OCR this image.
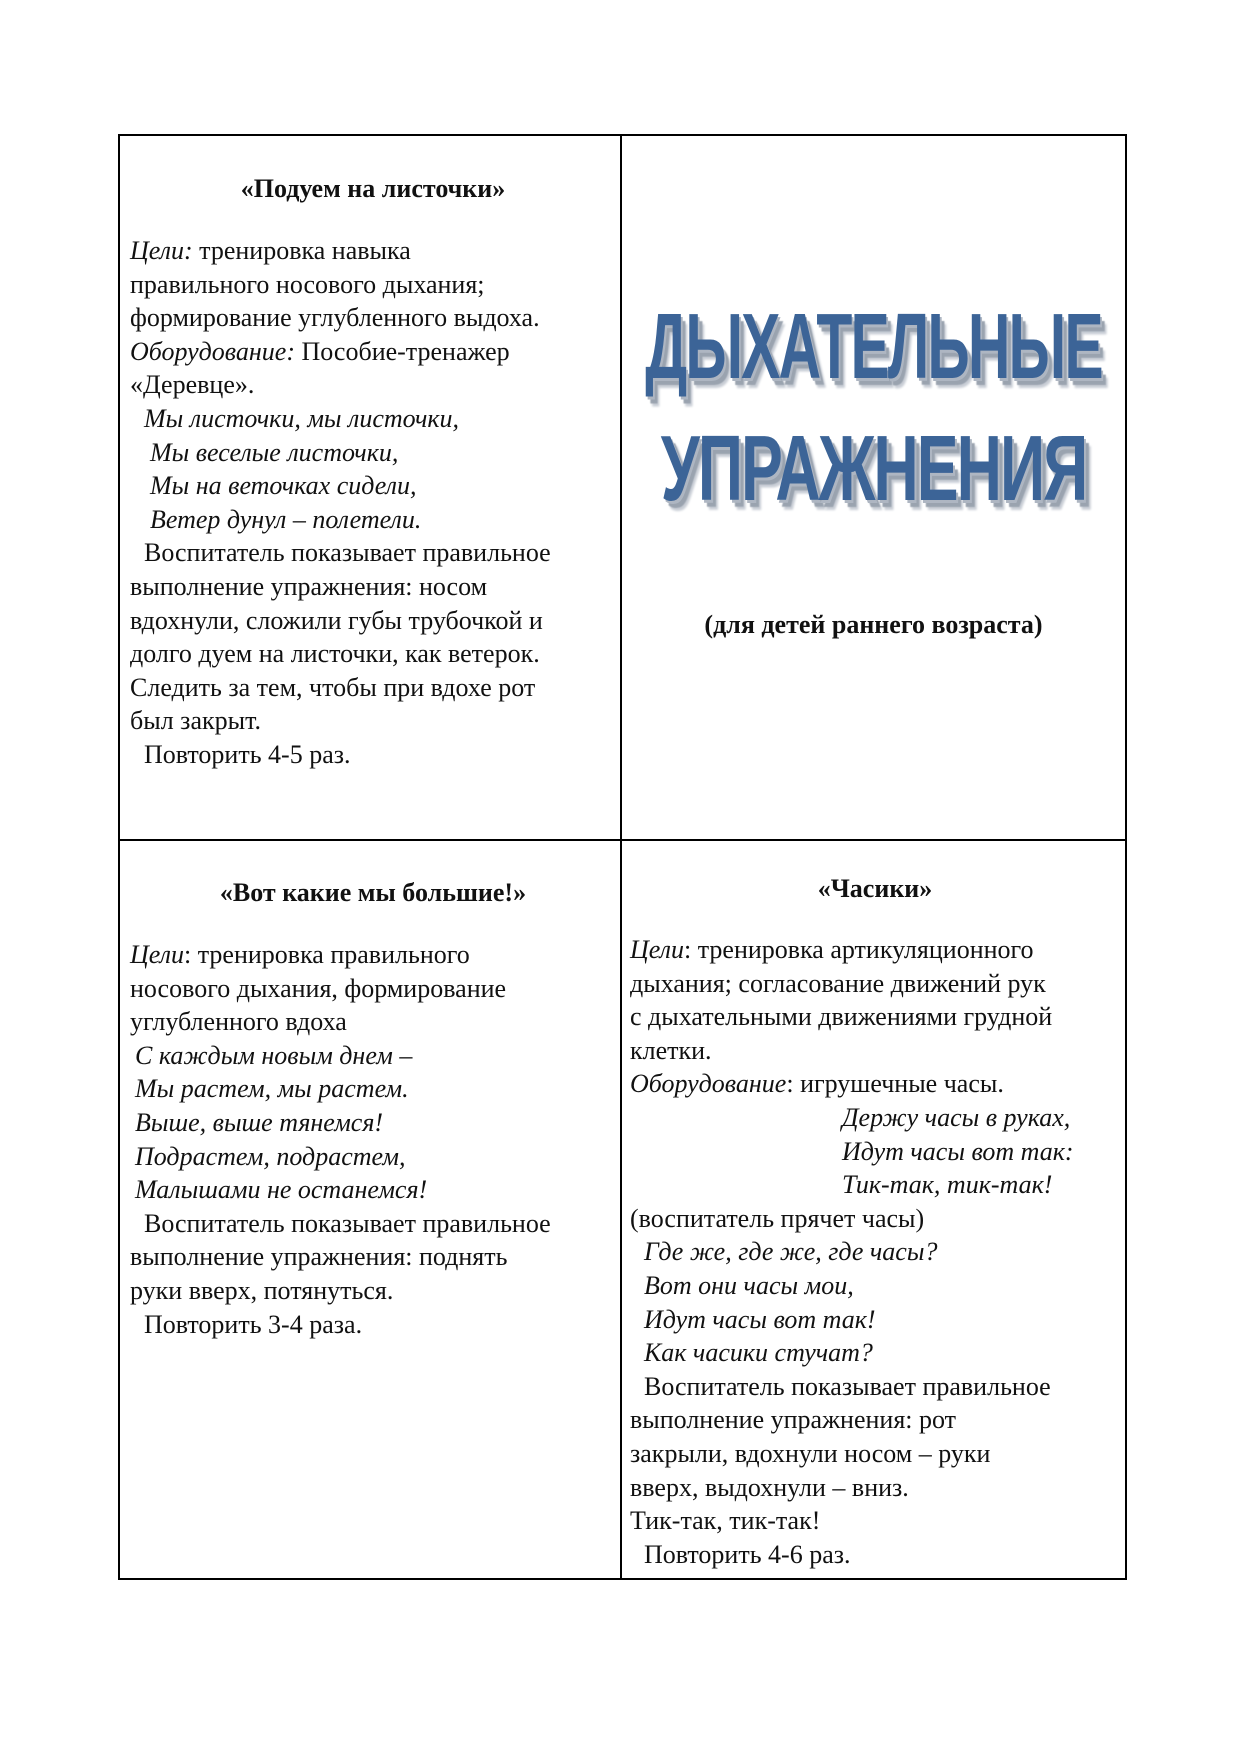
«Подуем на листочки»
Цели: тренировка навыка
правильного носового дыхания;
формирование углубленного выдоха.
Оборудование: Пособие-тренажер
«Деревце».
Мы листочки, мы листочки,
Мы веселые листочки,
Мы на веточках сидели,
Ветер дунул – полетели.
Воспитатель показывает правильное
выполнение упражнения: носом
вдохнули, сложили губы трубочкой и
долго дуем на листочки, как ветерок.
Следить за тем, чтобы при вдохе рот
был закрыт.
Повторить 4-5 раз.
ДЫХАТЕЛЬНЫЕ
УПРАЖНЕНИЯ
(для детей раннего возраста)
«Вот какие мы большие!»
Цели: тренировка правильного
носового дыхания, формирование
углубленного вдоха
С каждым новым днем –
Мы растем, мы растем.
Выше, выше тянемся!
Подрастем, подрастем,
Малышами не останемся!
Воспитатель показывает правильное
выполнение упражнения: поднять
руки вверх, потянуться.
Повторить 3-4 раза.
«Часики»
Цели: тренировка артикуляционного
дыхания; согласование движений рук
с дыхательными движениями грудной
клетки.
Оборудование: игрушечные часы.
Держу часы в руках,
Идут часы вот так:
Тик-так, тик-так!
(воспитатель прячет часы)
Где же, где же, где часы?
Вот они часы мои,
Идут часы вот так!
Как часики стучат?
Воспитатель показывает правильное
выполнение упражнения: рот
закрыли, вдохнули носом – руки
вверх, выдохнули – вниз.
Тик-так, тик-так!
Повторить 4-6 раз.
